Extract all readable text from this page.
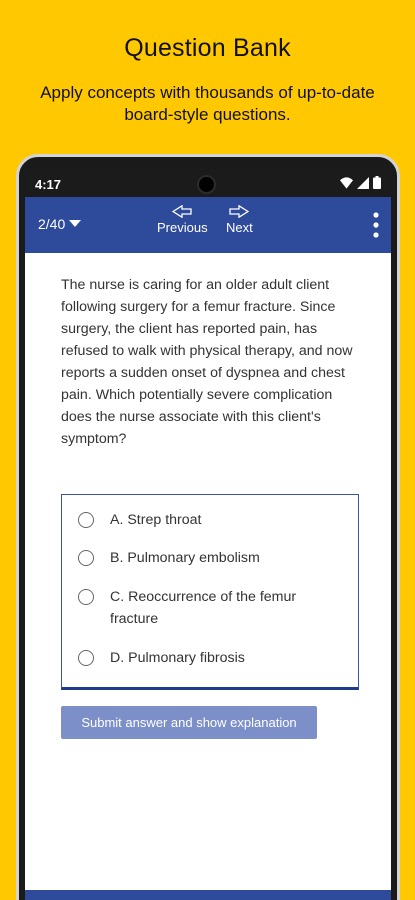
Question Bank
Apply concepts with thousands of up-to-date board-style questions.
4:17
2/40	Previous Next
The nurse is caring for an older adult client following surgery for a femur fracture. Since surgery, the client has reported pain, has refused to walk with physical therapy, and now reports a sudden onset of dyspnea and chest pain. Which potentially severe complication does the nurse associate with this client's symptom?
A. Strep throat
B. Pulmonary embolism
C. Reoccurrence of the femur fracture
D. Pulmonary fibrosis
Submit answer and show explanation
